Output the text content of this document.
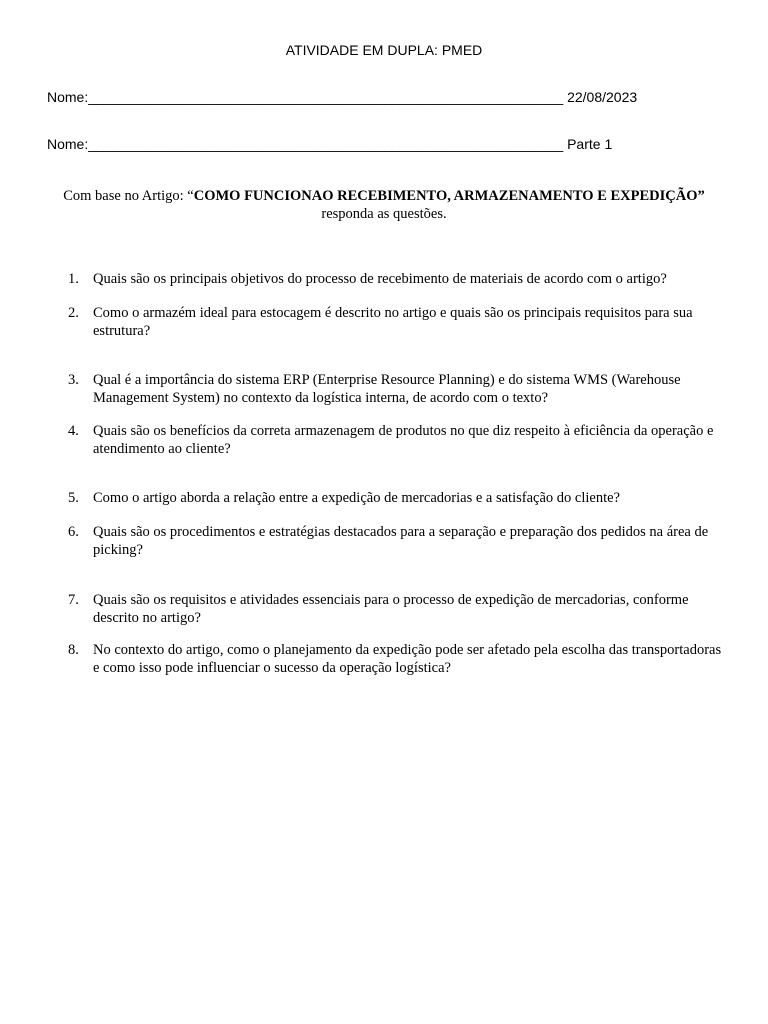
ATIVIDADE EM DUPLA: PMED
Nome:_____________________________________________________________ 22/08/2023
Nome:_____________________________________________________________ Parte 1
Com base no Artigo: “COMO FUNCIONAO RECEBIMENTO, ARMAZENAMENTO E EXPEDIÇÃO” responda as questões.
1. Quais são os principais objetivos do processo de recebimento de materiais de acordo com o artigo?
2. Como o armazém ideal para estocagem é descrito no artigo e quais são os principais requisitos para sua estrutura?
3. Qual é a importância do sistema ERP (Enterprise Resource Planning) e do sistema WMS (Warehouse Management System) no contexto da logística interna, de acordo com o texto?
4. Quais são os benefícios da correta armazenagem de produtos no que diz respeito à eficiência da operação e atendimento ao cliente?
5. Como o artigo aborda a relação entre a expedição de mercadorias e a satisfação do cliente?
6. Quais são os procedimentos e estratégias destacados para a separação e preparação dos pedidos na área de picking?
7. Quais são os requisitos e atividades essenciais para o processo de expedição de mercadorias, conforme descrito no artigo?
8. No contexto do artigo, como o planejamento da expedição pode ser afetado pela escolha das transportadoras e como isso pode influenciar o sucesso da operação logística?
